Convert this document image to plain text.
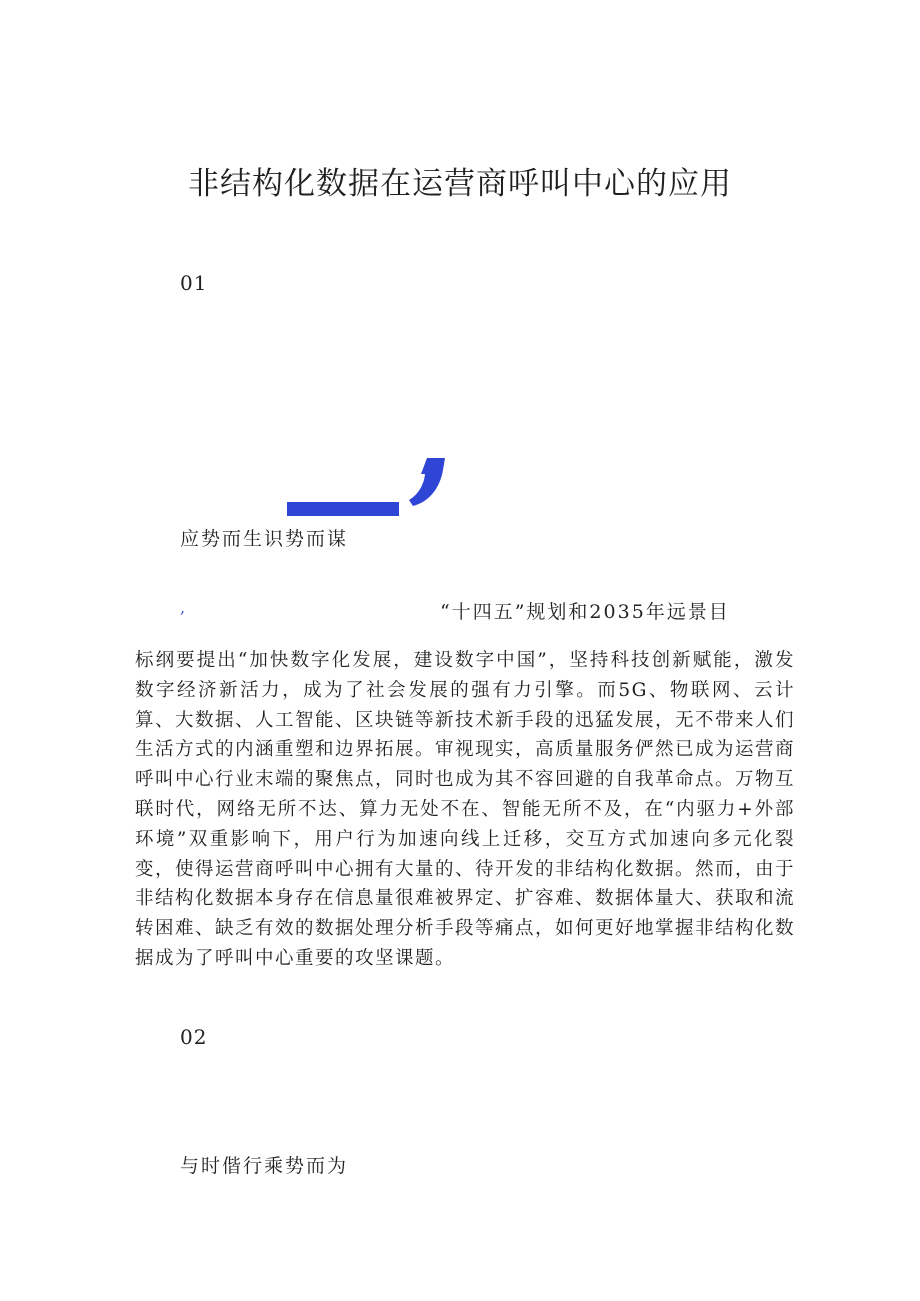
非结构化数据在运营商呼叫中心的应用
01
应势而生识势而谋
,	“十四五”规划和2035年远景目

标纲要提出“加快数字化发展，建设数字中国”，坚持科技创新赋能，激发数字经济新活力，成为了社会发展的强有力引擎。而5G、物联网、云计算、大数据、人工智能、区块链等新技术新手段的迅猛发展，无不带来人们生活方式的内涵重塑和边界拓展。审视现实，高质量服务俨然已成为运营商呼叫中心行业末端的聚焦点，同时也成为其不容回避的自我革命点。万物互联时代，网络无所不达、算力无处不在、智能无所不及，在“内驱力+外部环境”双重影响下，用户行为加速向线上迁移，交互方式加速向多元化裂变，使得运营商呼叫中心拥有大量的、待开发的非结构化数据。然而，由于非结构化数据本身存在信息量很难被界定、扩容难、数据体量大、获取和流转困难、缺乏有效的数据处理分析手段等痛点，如何更好地掌握非结构化数据成为了呼叫中心重要的攻坚课题。

02
与时偕行乘势而为
